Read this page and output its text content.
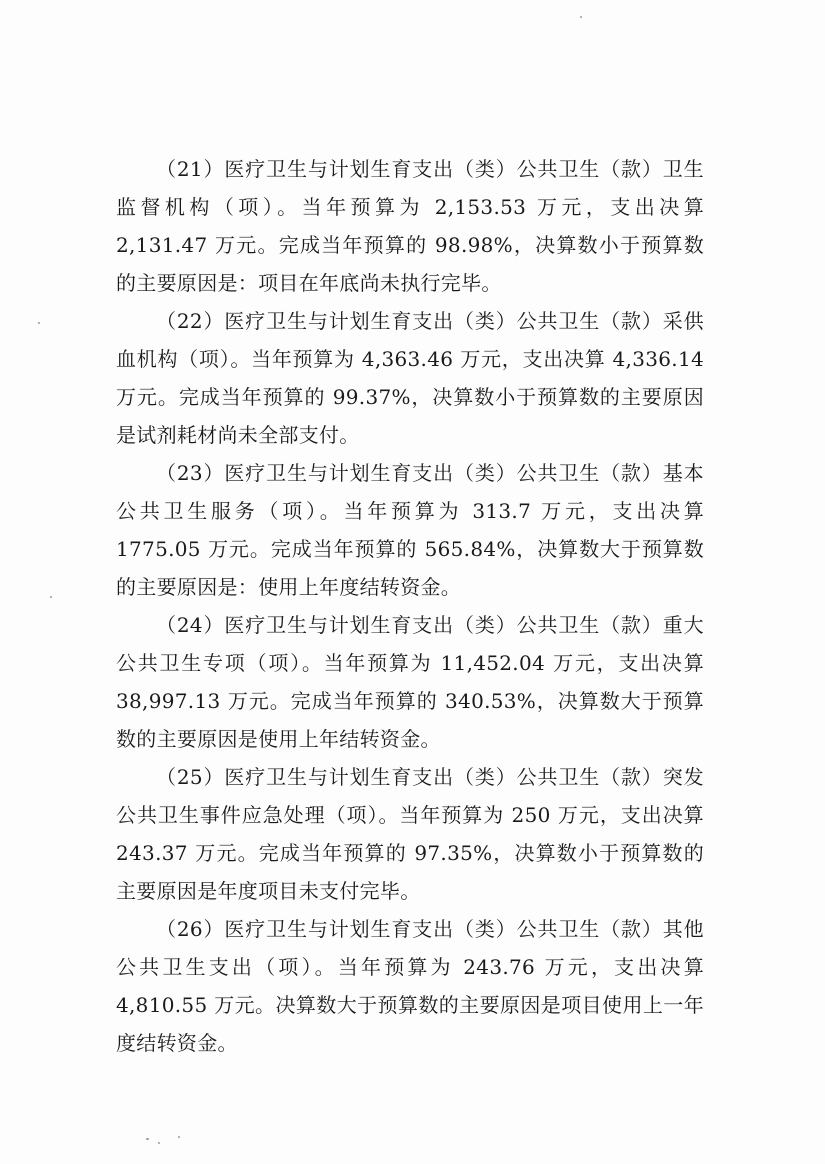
（21）医疗卫生与计划生育支出（类）公共卫生（款）卫生监督机构（项）。当年预算为 2,153.53 万元，支出决算 2,131.47 万元。完成当年预算的 98.98%，决算数小于预算数的主要原因是：项目在年底尚未执行完毕。

（22）医疗卫生与计划生育支出（类）公共卫生（款）采供血机构（项）。当年预算为 4,363.46 万元，支出决算 4,336.14 万元。完成当年预算的 99.37%，决算数小于预算数的主要原因是试剂耗材尚未全部支付。

（23）医疗卫生与计划生育支出（类）公共卫生（款）基本公共卫生服务（项）。当年预算为 313.7 万元，支出决算 1775.05 万元。完成当年预算的 565.84%，决算数大于预算数的主要原因是：使用上年度结转资金。

（24）医疗卫生与计划生育支出（类）公共卫生（款）重大公共卫生专项（项）。当年预算为 11,452.04 万元，支出决算 38,997.13 万元。完成当年预算的 340.53%，决算数大于预算数的主要原因是使用上年结转资金。

（25）医疗卫生与计划生育支出（类）公共卫生（款）突发公共卫生事件应急处理（项）。当年预算为 250 万元，支出决算 243.37 万元。完成当年预算的 97.35%，决算数小于预算数的主要原因是年度项目未支付完毕。

（26）医疗卫生与计划生育支出（类）公共卫生（款）其他公共卫生支出（项）。当年预算为 243.76 万元，支出决算 4,810.55 万元。决算数大于预算数的主要原因是项目使用上一年度结转资金。
